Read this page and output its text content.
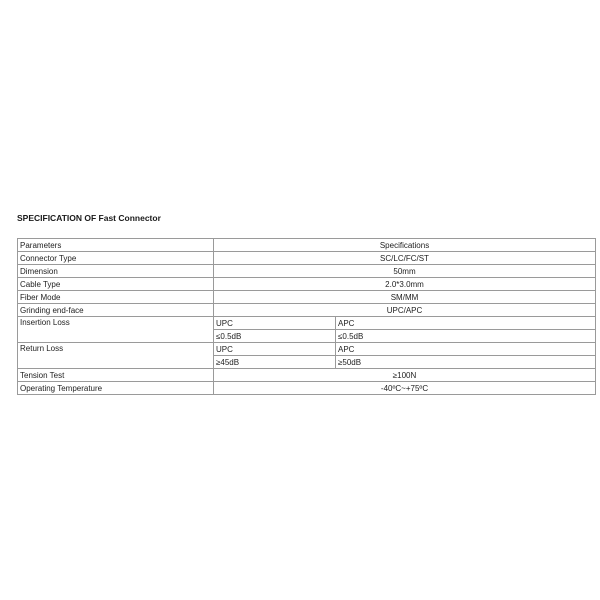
SPECIFICATION OF Fast Connector
Parameters	Specifications	
Connector Type	SC/LC/FC/ST	
Dimension	50mm	
Cable Type	2.0*3.0mm	
Fiber Mode	SM/MM	
Grinding end-face	UPC/APC	
Insertion Loss	UPC	APC
	≤0.5dB	≤0.5dB
Return Loss	UPC	APC
	≥45dB	≥50dB
Tension Test	≥100N	
Operating Temperature	-40ºC~+75ºC	
